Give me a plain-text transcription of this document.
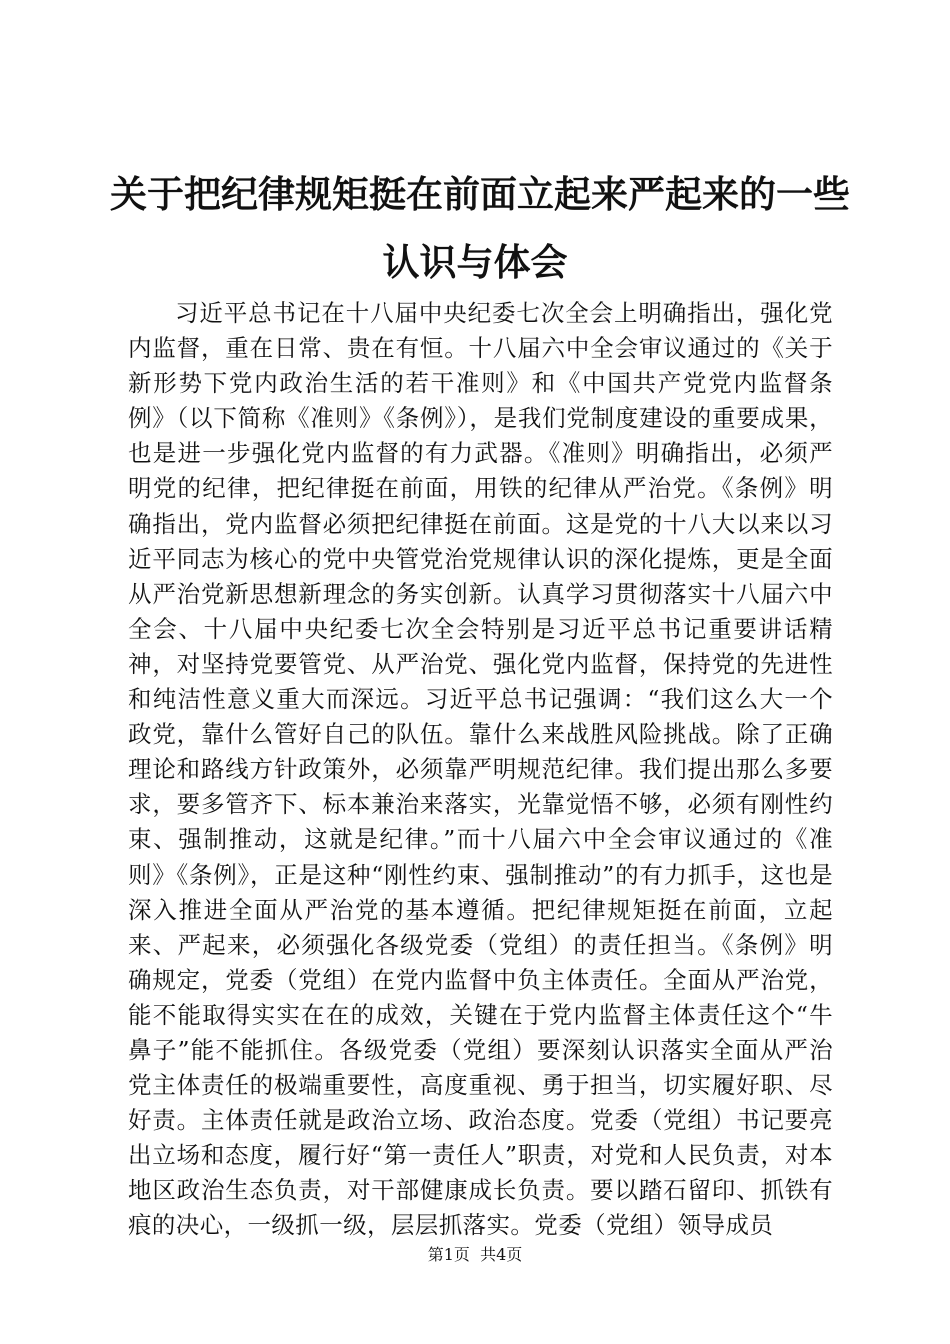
关于把纪律规矩挺在前面立起来严起来的一些
认识与体会

习近平总书记在十八届中央纪委七次全会上明确指出，强化党内监督，重在日常、贵在有恒。十八届六中全会审议通过的《关于新形势下党内政治生活的若干准则》和《中国共产党党内监督条例》（以下简称《准则》《条例》），是我们党制度建设的重要成果，也是进一步强化党内监督的有力武器。《准则》明确指出，必须严明党的纪律，把纪律挺在前面，用铁的纪律从严治党。《条例》明确指出，党内监督必须把纪律挺在前面。这是党的十八大以来以习近平同志为核心的党中央管党治党规律认识的深化提炼，更是全面从严治党新思想新理念的务实创新。认真学习贯彻落实十八届六中全会、十八届中央纪委七次全会特别是习近平总书记重要讲话精神，对坚持党要管党、从严治党、强化党内监督，保持党的先进性和纯洁性意义重大而深远。习近平总书记强调：“我们这么大一个政党，靠什么管好自己的队伍。靠什么来战胜风险挑战。除了正确理论和路线方针政策外，必须靠严明规范纪律。我们提出那么多要求，要多管齐下、标本兼治来落实，光靠觉悟不够，必须有刚性约束、强制推动，这就是纪律。”而十八届六中全会审议通过的《准则》《条例》，正是这种“刚性约束、强制推动”的有力抓手，这也是深入推进全面从严治党的基本遵循。把纪律规矩挺在前面，立起来、严起来，必须强化各级党委（党组）的责任担当。《条例》明确规定，党委（党组）在党内监督中负主体责任。全面从严治党，能不能取得实实在在的成效，关键在于党内监督主体责任这个“牛鼻子”能不能抓住。各级党委（党组）要深刻认识落实全面从严治党主体责任的极端重要性，高度重视、勇于担当，切实履好职、尽好责。主体责任就是政治立场、政治态度。党委（党组）书记要亮出立场和态度，履行好“第一责任人”职责，对党和人民负责，对本地区政治生态负责，对干部健康成长负责。要以踏石留印、抓铁有痕的决心，一级抓一级，层层抓落实。党委（党组）领导成员

第1页  共4页
